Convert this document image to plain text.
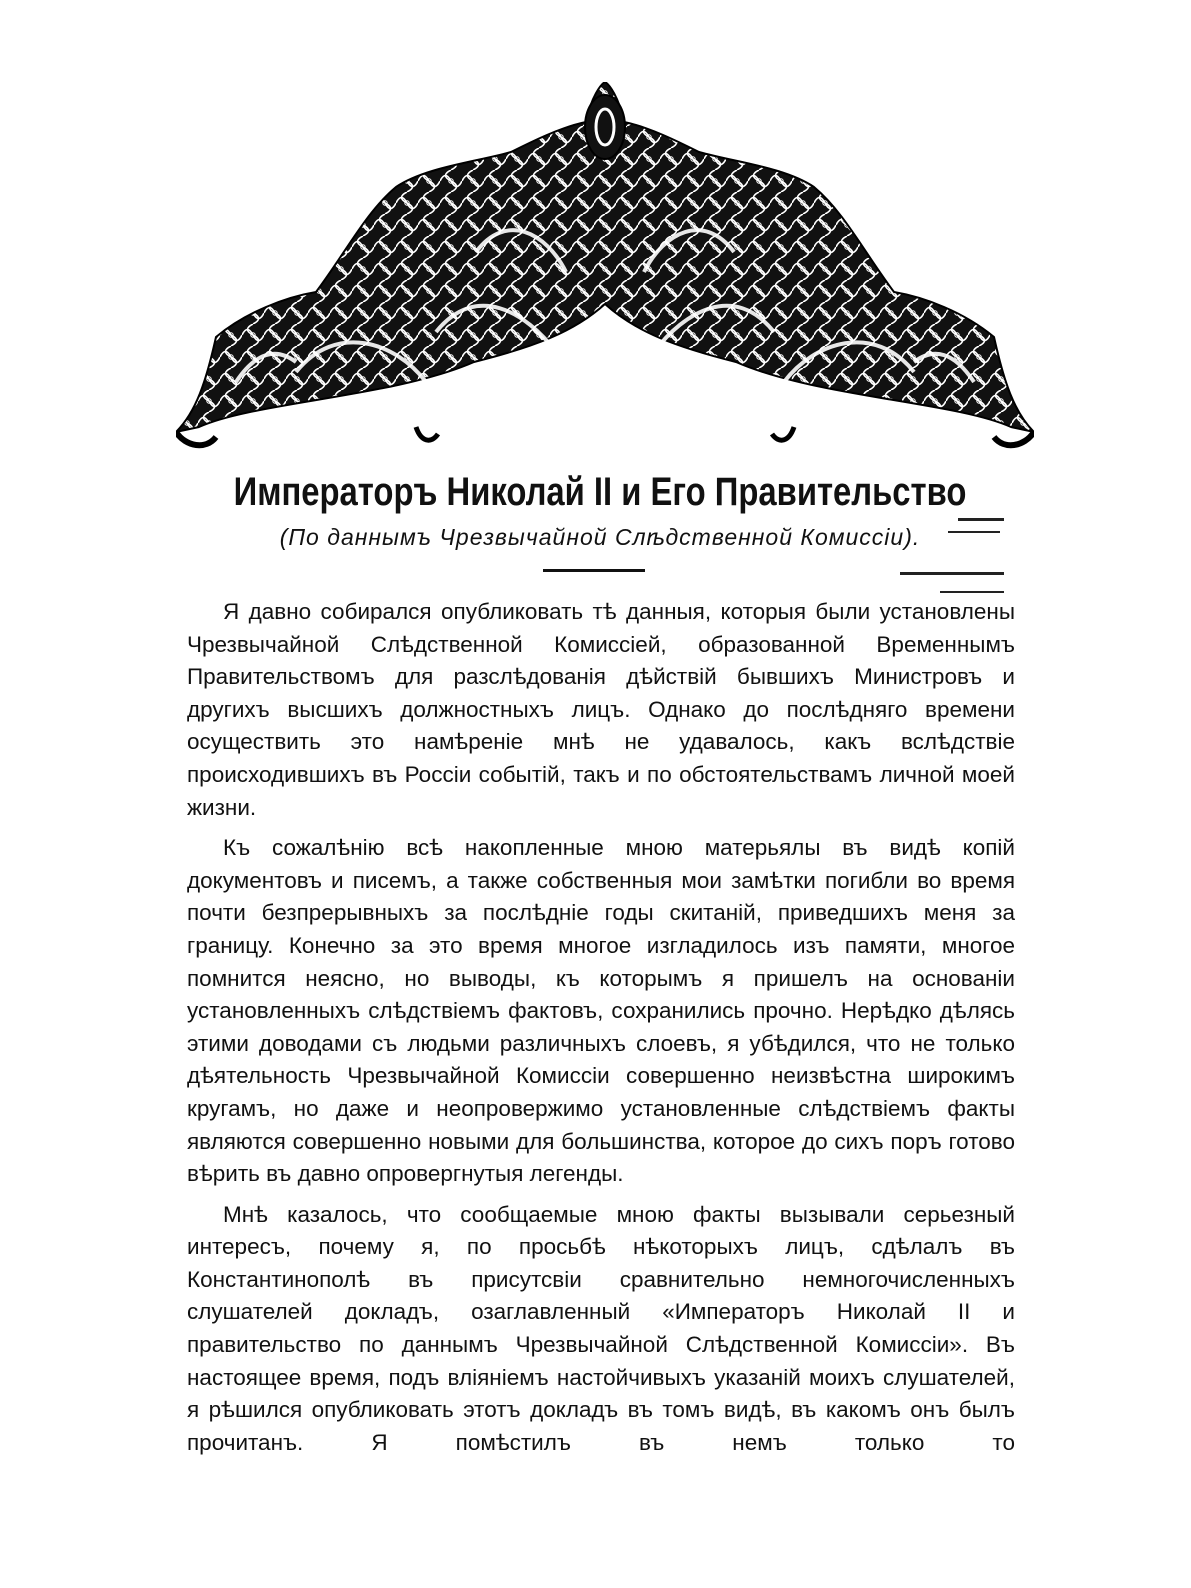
Императоръ Николай II и Его Правительство
(По даннымъ Чрезвычайной Слѣдственной Комиссіи).

Я давно собирался опубликовать тѣ данныя, которыя были установлены Чрезвычайной Слѣдственной Комиссіей, образованной Временнымъ Правительствомъ для разслѣдованія дѣйствій бывшихъ Министровъ и другихъ высшихъ должностныхъ лицъ. Однако до послѣдняго времени осуществить это намѣреніе мнѣ не удавалось, какъ вслѣдствіе происходившихъ въ Россіи событій, такъ и по обстоятельствамъ личной моей жизни.

Къ сожалѣнію всѣ накопленные мною матерьялы въ видѣ копій документовъ и писемъ, а также собственныя мои замѣтки погибли во время почти безпрерывныхъ за послѣдніе годы скитаній, приведшихъ меня за границу. Конечно за это время многое изгладилось изъ памяти, многое помнится неясно, но выводы, къ которымъ я пришелъ на основаніи установленныхъ слѣдствіемъ фактовъ, сохранились прочно. Нерѣдко дѣлясь этими доводами съ людьми различныхъ слоевъ, я убѣдился, что не только дѣятельность Чрезвычайной Комиссіи совершенно неизвѣстна широкимъ кругамъ, но даже и неопровержимо установленные слѣдствіемъ факты являются совершенно новыми для большинства, которое до сихъ поръ готово вѣрить въ давно опровергнутыя легенды.

Мнѣ казалось, что сообщаемые мною факты вызывали серьезный интересъ, почему я, по просьбѣ нѣкоторыхъ лицъ, сдѣлалъ въ Константинополѣ въ присутсвіи сравнительно немногочисленныхъ слушателей докладъ, озаглавленный «Императоръ Николай II и правительство по даннымъ Чрезвычайной Слѣдственной Комиссіи». Въ настоящее время, подъ вліяніемъ настойчивыхъ указаній моихъ слушателей, я рѣшился опубликовать этотъ докладъ въ томъ видѣ, въ какомъ онъ былъ прочитанъ. Я помѣстилъ въ немъ только то
